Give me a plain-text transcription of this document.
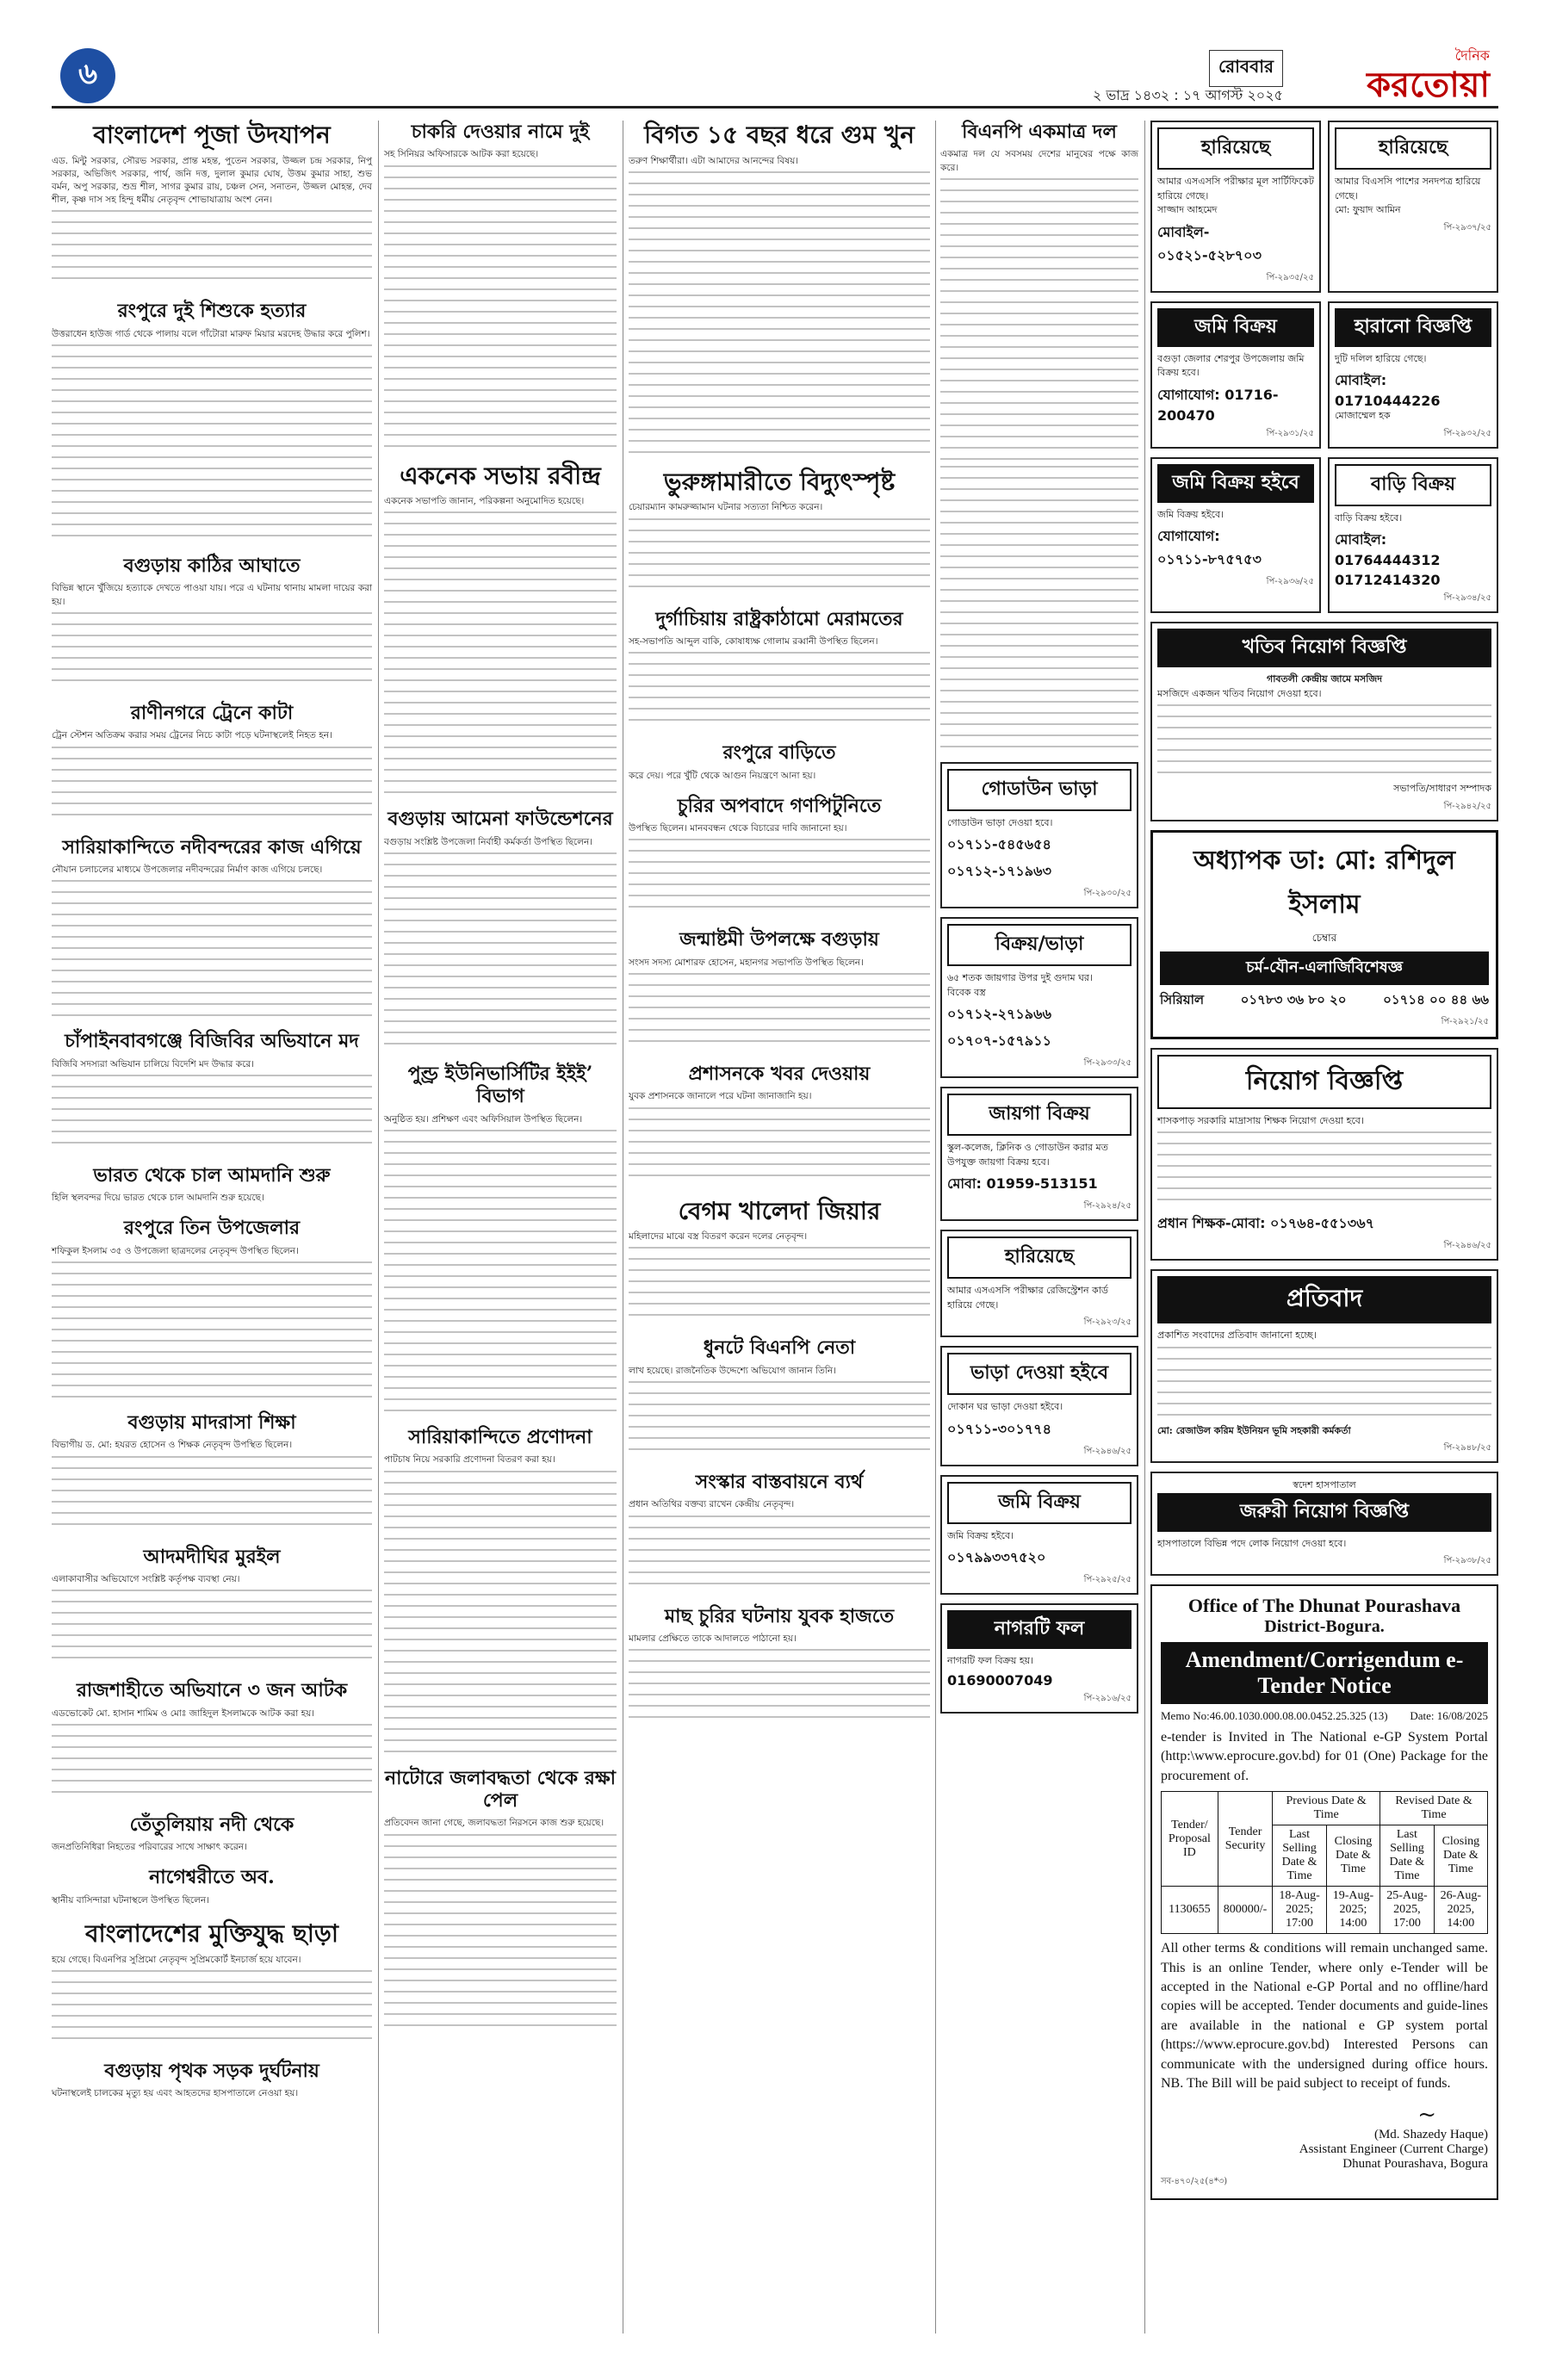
৬	রোববার
২ ভাদ্র ১৪৩২ : ১৭ আগস্ট ২০২৫
দৈনিক
করতোয়া
বাংলাদেশ পূজা উদযাপন
এড. মিন্টু সরকার, সৌরভ সরকার, প্রান্ত মহন্ত, পুতেন সরকার, উজ্জল চন্দ্র সরকার, নিপু সরকার, অভিজিৎ সরকার, পার্থ, জনি দত্ত, দুলাল কুমার ঘোষ, উত্তম কুমার সাহা, শুভ বর্মন, অপু সরকার, শুভ্র শীল, সাগর কুমার রায়, চঞ্চল সেন, সনাতন, উজ্জল মোহন্ত, দেব শীল, কৃষ্ণ দাস সহ হিন্দু ধর্মীয় নেতৃবৃন্দ শোভাযাত্রায় অংশ নেন।
রংপুরে দুই শিশুকে হত্যার
উত্তরাধেন হাউজ গার্ড থেকে পালায় বলে গাঁটোরা মারুফ মিয়ার মরদেহ উদ্ধার করে পুলিশ।
বগুড়ায় কাঠির আঘাতে
বিভিন্ন স্থানে খুঁজিয়ে হত্যাকে দেখতে পাওয়া যায়। পরে এ ঘটনায় থানায় মামলা দায়ের করা হয়।
রাণীনগরে ট্রেনে কাটা
ট্রেন স্টেশন অতিক্রম করার সময় ট্রেনের নিচে কাটা পড়ে ঘটনাস্থলেই নিহত হন।
সারিয়াকান্দিতে নদীবন্দরের কাজ এগিয়ে
নৌযান চলাচলের মাধ্যমে উপজেলার নদীবন্দরের নির্মাণ কাজ এগিয়ে চলছে।
চাঁপাইনবাবগঞ্জে বিজিবির অভিযানে মদ
বিজিবি সদস্যরা অভিযান চালিয়ে বিদেশি মদ উদ্ধার করে।
ভারত থেকে চাল আমদানি শুরু
হিলি স্থলবন্দর দিয়ে ভারত থেকে চাল আমদানি শুরু হয়েছে।
রংপুরে তিন উপজেলার
শফিকুল ইসলাম ৩৫ ও উপজেলা ছাত্রদলের নেতৃবৃন্দ উপস্থিত ছিলেন।
বগুড়ায় মাদরাসা শিক্ষা
বিভাগীয় ড. মো: হযরত হোসেন ও শিক্ষক নেতৃবৃন্দ উপস্থিত ছিলেন।
আদমদীঘির মুরইল
এলাকাবাসীর অভিযোগে সংশ্লিষ্ট কর্তৃপক্ষ ব্যবস্থা নেয়।
রাজশাহীতে অভিযানে ৩ জন আটক
এডভোকেট মো. হাসান শামিম ও মোঃ জাহিদুল ইসলামকে আটক করা হয়।
তেঁতুলিয়ায় নদী থেকে
জনপ্রতিনিধিরা নিহতের পরিবারের সাথে সাক্ষাৎ করেন।
নাগেশ্বরীতে অব.
স্থানীয় বাসিন্দারা ঘটনাস্থলে উপস্থিত ছিলেন।
বাংলাদেশের মুক্তিযুদ্ধ ছাড়া
হয়ে গেছে। বিএনপির সুপ্রিমো নেতৃবৃন্দ সুপ্রিমকোর্ট ইনচার্জ হয়ে যাবেন।
বগুড়ায় পৃথক সড়ক দুর্ঘটনায়
ঘটনাস্থলেই চালকের মৃত্যু হয় এবং আহতদের হাসপাতালে নেওয়া হয়।
চাকরি দেওয়ার নামে দুই
সহ সিনিয়র অফিসারকে আটক করা হয়েছে।
একনেক সভায় রবীন্দ্র
একনেক সভাপতি জানান, পরিকল্পনা অনুমোদিত হয়েছে।
বগুড়ায় আমেনা ফাউন্ডেশনের
বগুড়ায় সংশ্লিষ্ট উপজেলা নির্বাহী কর্মকর্তা উপস্থিত ছিলেন।
পুণ্ড্র ইউনিভার্সিটির ইইই’ বিভাগ
অনুষ্ঠিত হয়। প্রশিক্ষণ এবং অফিসিয়াল উপস্থিত ছিলেন।
সারিয়াকান্দিতে প্রণোদনা
পাটচাষ নিয়ে সরকারি প্রণোদনা বিতরণ করা হয়।
নাটোরে জলাবদ্ধতা থেকে রক্ষা পেল
প্রতিবেদন জানা গেছে, জলাবদ্ধতা নিরসনে কাজ শুরু হয়েছে।
বিগত ১৫ বছর ধরে গুম খুন
তরুণ শিক্ষার্থীরা। এটা আমাদের আনন্দের বিষয়।
ভুরুঙ্গামারীতে বিদ্যুৎস্পৃষ্ট
চেয়ারম্যান কামরুজ্জামান ঘটনার সত্যতা নিশ্চিত করেন।
দুর্গাচিয়ায় রাষ্ট্রকাঠামো মেরামতের
সহ-সভাপতি আব্দুল বাকি, কোষাধ্যক্ষ গোলাম রব্বানী উপস্থিত ছিলেন।
রংপুরে বাড়িতে
করে দেয়। পরে খুঁটি থেকে আগুন নিয়ন্ত্রণে আনা হয়।
চুরির অপবাদে গণপিটুনিতে
উপস্থিত ছিলেন। মানববন্ধন থেকে বিচারের দাবি জানানো হয়।
জন্মাষ্টমী উপলক্ষে বগুড়ায়
সংসদ সদস্য মোশারফ হোসেন, মহানগর সভাপতি উপস্থিত ছিলেন।
প্রশাসনকে খবর দেওয়ায়
যুবক প্রশাসনকে জানালে পরে ঘটনা জানাজানি হয়।
বেগম খালেদা জিয়ার
মহিলাদের মাঝে বস্ত্র বিতরণ করেন দলের নেতৃবৃন্দ।
ধুনটে বিএনপি নেতা
লাখ হয়েছে। রাজনৈতিক উদ্দেশ্যে অভিযোগ জানান তিনি।
সংস্কার বাস্তবায়নে ব্যর্থ
প্রধান অতিথির বক্তব্য রাখেন কেন্দ্রীয় নেতৃবৃন্দ।
মাছ চুরির ঘটনায় যুবক হাজতে
মামলার প্রেক্ষিতে তাকে আদালতে পাঠানো হয়।
বিএনপি একমাত্র দল
একমাত্র দল যে সবসময় দেশের মানুষের পক্ষে কাজ করে।
গোডাউন ভাড়া
গোডাউন ভাড়া দেওয়া হবে।
০১৭১১-৫৪৫৬৫৪
০১৭১২-১৭১৯৬৩
পি-২৯৩০/২৫
বিক্রয়/ভাড়া
৬৫ শতক জায়গার উপর দুই গুদাম ঘর।
বিবেক বস্ত্র
০১৭১২-২৭১৯৬৬
০১৭০৭-১৫৭৯১১
পি-২৯৩৩/২৫
জায়গা বিক্রয়
স্কুল-কলেজ, ক্লিনিক ও গোডাউন করার মত উপযুক্ত জায়গা বিক্রয় হবে।
মোবা: 01959-513151
পি-২৯২৪/২৫
হারিয়েছে
আমার এসএসসি পরীক্ষার রেজিস্ট্রেশন কার্ড হারিয়ে গেছে।
পি-২৯২৩/২৫
ভাড়া দেওয়া হইবে
দোকান ঘর ভাড়া দেওয়া হইবে।
০১৭১১-৩০১৭৭৪
পি-২৯৪৬/২৫
জমি বিক্রয়
জমি বিক্রয় হইবে।
০১৭৯৯৩৩৭৫২০
পি-২৯২৫/২৫
নাগরটি ফল
নাগরটি ফল বিক্রয় হয়।
01690007049
পি-২৯১৬/২৫
হারিয়েছে
আমার এসএসসি পরীক্ষার মূল সার্টিফিকেট হারিয়ে গেছে।
সাজ্জাদ আহমেদ
মোবাইল- ০১৫২১-৫২৮৭০৩
পি-২৯৩৫/২৫
হারিয়েছে
আমার বিএসসি পাশের সনদপত্র হারিয়ে গেছে।
মো: ফুয়াদ আমিন
পি-২৯৩৭/২৫
জমি বিক্রয়
বগুড়া জেলার শেরপুর উপজেলায় জমি বিক্রয় হবে।
যোগাযোগ: 01716-200470
পি-২৯৩১/২৫
হারানো বিজ্ঞপ্তি
দুটি দলিল হারিয়ে গেছে।
মোবাইল: 01710444226
মোজাম্মেল হক
পি-২৯৩২/২৫
জমি বিক্রয় হইবে
জমি বিক্রয় হইবে।
যোগাযোগ: ০১৭১১-৮৭৫৭৫৩
পি-২৯৩৬/২৫
বাড়ি বিক্রয়
বাড়ি বিক্রয় হইবে।
মোবাইল: 01764444312
01712414320
পি-২৯৩৪/২৫
খতিব নিয়োগ বিজ্ঞপ্তি
গাবতলী কেন্দ্রীয় জামে মসজিদ
মসজিদে একজন খতিব নিয়োগ দেওয়া হবে।
সভাপতি/সাধারণ সম্পাদক
পি-২৯৪২/২৫
অধ্যাপক ডা: মো: রশিদুল ইসলাম
চেম্বার
চর্ম-যৌন-এলার্জিবিশেষজ্ঞ
সিরিয়াল	০১৭৮৩ ৩৬ ৮০ ২০	০১৭১৪ ০০ ৪৪ ৬৬
পি-২৯২১/২৫
নিয়োগ বিজ্ঞপ্তি
শাসকপাড় সরকারি মাদ্রাসায় শিক্ষক নিয়োগ দেওয়া হবে।
প্রধান শিক্ষক-মোবা: ০১৭৬৪-৫৫১৩৬৭
পি-২৯৪৬/২৫
প্রতিবাদ
প্রকাশিত সংবাদের প্রতিবাদ জানানো হচ্ছে।
মো: রেজাউল করিম ইউনিয়ন ভূমি সহকারী কর্মকর্তা
পি-২৯৪৮/২৫
স্বদেশ হাসপাতাল
জরুরী নিয়োগ বিজ্ঞপ্তি
হাসপাতালে বিভিন্ন পদে লোক নিয়োগ দেওয়া হবে।
পি-২৯৩৮/২৫
Office of The Dhunat Pourashava
District-Bogura.
Amendment/Corrigendum e-Tender Notice
Memo No:46.00.1030.000.08.00.0452.25.325 (13) Date: 16/08/2025
e-tender is Invited in The National e-GP System Portal (http:\www.eprocure.gov.bd) for 01 (One) Package for the procurement of.
Tender/ Proposal ID	Tender Security	Previous Date & Time		Revised Date & Time	
		Last Selling Date & Time	Closing Date & Time	Last Selling Date & Time	Closing Date & Time
1130655	800000/-	18-Aug-2025; 17:00	19-Aug-2025; 14:00	25-Aug-2025, 17:00	26-Aug-2025, 14:00
All other terms & conditions will remain unchanged same. This is an online Tender, where only e-Tender will be accepted in the National e-GP Portal and no offline/hard copies will be accepted. Tender documents and guide-lines are available in the national e GP system portal (https://www.eprocure.gov.bd) Interested Persons can communicate with the undersigned during office hours. NB. The Bill will be paid subject to receipt of funds.
~
(Md. Shazedy Haque)
Assistant Engineer (Current Charge)
Dhunat Pourashava, Bogura
সব-৪৭০/২৫(৪*৩)
